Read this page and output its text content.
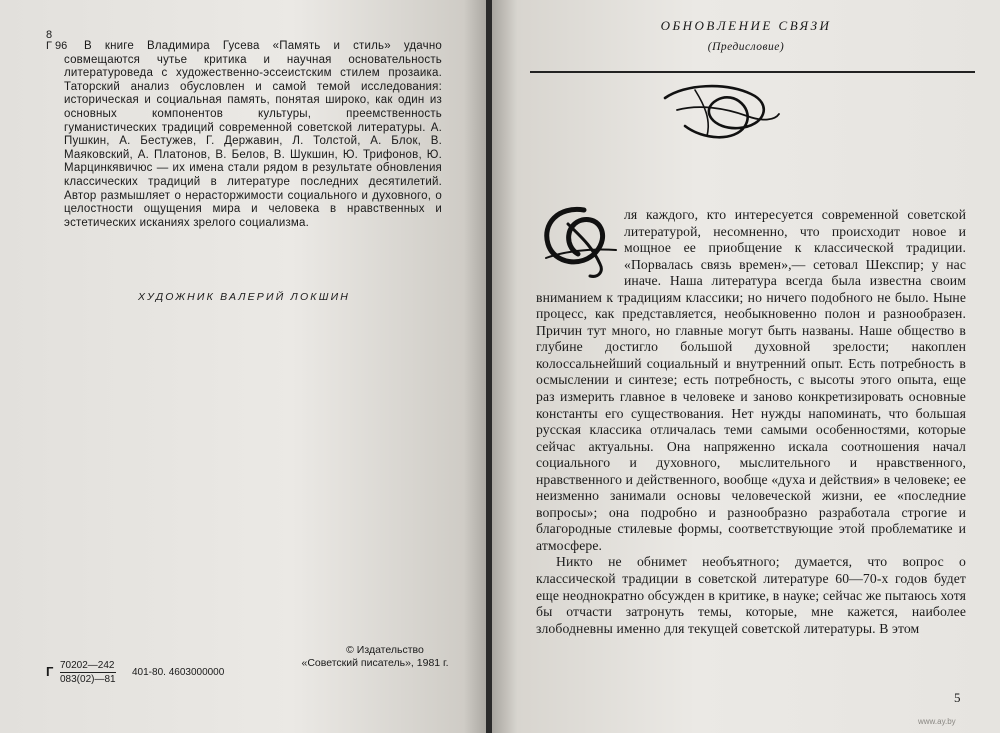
8
Г 96	В книге Владимира Гусева «Память и стиль» удачно совмещаются чутье критика и научная основательность литературоведа с художественно-эссеистским стилем прозаика. Таторский анализ обусловлен и самой темой исследования: историческая и социальная память, понятая широко, как один из основных компонентов культуры, преемственность гуманистических традиций современной советской литературы. А. Пушкин, А. Бестужев, Г. Державин, Л. Толстой, А. Блок, В. Маяковский, А. Платонов, В. Белов, В. Шукшин, Ю. Трифонов, Ю. Марцинкявичюс — их имена стали рядом в результате обновления классических традиций в литературе последних десятилетий. Автор размышляет о нерасторжимости социального и духовного, о целостности ощущения мира и человека в нравственных и эстетических исканиях зрелого социализма.
ХУДОЖНИК ВАЛЕРИЙ ЛОКШИН
Г $\frac{70202—242}{083(02)—81} 401-80$. 4603000000
© Издательство
«Советский писатель», 1981 г.
ОБНОВЛЕНИЕ СВЯЗИ
(Предисловие)

ля каждого, кто интересуется современной советской литературой, несомненно, что происходит новое и мощное ее приобщение к классической традиции. «Порвалась связь времен»,— сетовал Шекспир; у нас иначе. Наша литература всегда была известна своим вниманием к традициям классики; но ничего подобного не было. Ныне процесс, как представляется, необыкновенно полон и разнообразен. Причин тут много, но главные могут быть названы. Наше общество в глубине достигло большой духовной зрелости; накоплен колоссальнейший социальный и внутренний опыт. Есть потребность в осмыслении и синтезе; есть потребность, с высоты этого опыта, еще раз измерить главное в человеке и заново конкретизировать основные константы его существования. Нет нужды напоминать, что большая русская классика отличалась теми самыми особенностями, которые сейчас актуальны. Она напряженно искала соотношения начал социального и духовного, мыслительного и нравственного, нравственного и действенного, вообще «духа и действия» в человеке; ее неизменно занимали основы человеческой жизни, ее «последние вопросы»; она подробно и разнообразно разработала строгие и благородные стилевые формы, соответствующие этой проблематике и атмосфере.

Никто не обнимет необъятного; думается, что вопрос о классической традиции в советской литературе 60—70-х годов будет еще неоднократно обсужден в критике, в науке; сейчас же пытаюсь хотя бы отчасти затронуть темы, которые, мне кажется, наиболее злободневны именно для текущей советской литературы. В этом

5
www.ay.by
